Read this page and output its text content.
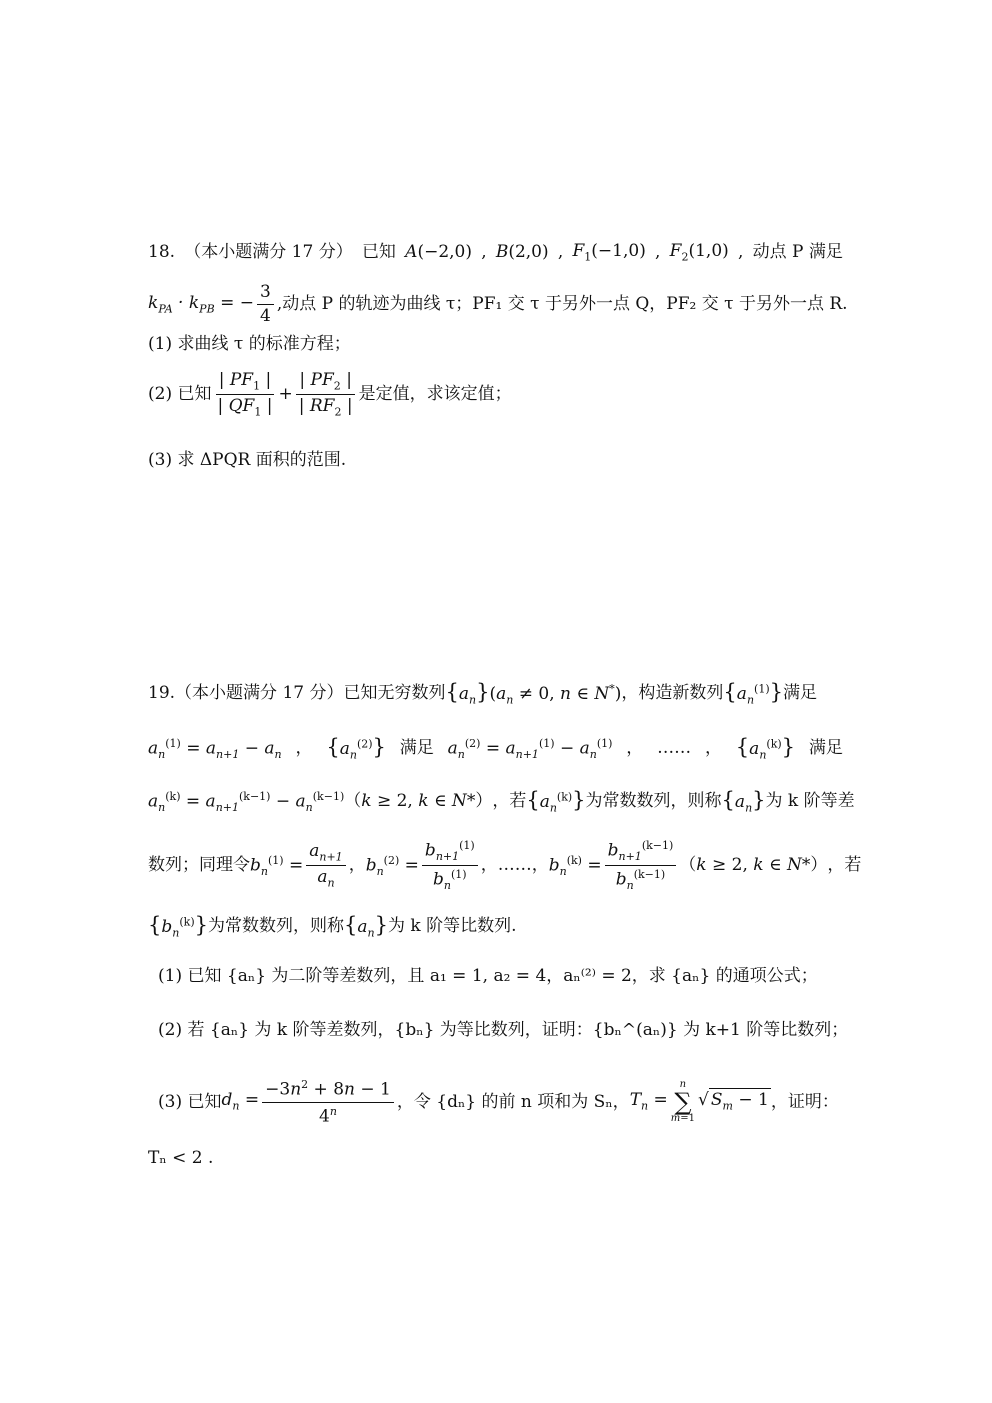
18. （本小题满分 17 分） 已知 A(−2,0) , B(2,0) , $F_1(-1,0)$ , $F_2(1,0)$ , 动点 P 满足
$k_{PA} \cdot k_{PB}$ = − $\frac{3}{4}$ , 动点 P 的轨迹为曲线 τ； PF₁ 交 τ 于另外一点 Q ， PF₂ 交 τ 于另外一点 R.
(1) 求曲线 τ 的标准方程；
(2) 已知 $\frac{| PF_1 |}{| QF_1 |} + \frac{| PF_2 |}{| RF_2 |}$ 是定值，求该定值；
(3) 求 ΔPQR 面积的范围.
19. （本小题满分 17 分） 已知无穷数列 $\{a_n\}(a_n \ne 0$, n ∈ N*) ， 构造新数列 $\{a_n^{(1)}\}$ 满足
$a_n^{(1)} = a_{n+1} - a_n$ ， $\{a_n^{(2)}\}$ 满足 $a_n^{(2)} = a_{n+1}^{(1)} - a_n^{(1)}$ ， …… ， $\{a_n^{(k)}\}$ 满足
$a_n^{(k)} = a_{n+1}^{(k-1)} - a_n^{(k-1)}$ （k ≥ 2, k ∈ N*） ， 若 $\{a_n^{(k)}\}$ 为常数数列，则称 $\{a_n\}$ 为 k 阶等差
数列；同理令 $b_n^{(1)} = \frac{a_{n+1}}{a_n}$ ， $b_n^{(2)} = \frac{b_{n+1}^{(1)}}{b_n^{(1)}}$ ， …… ， $b_n^{(k)} = \frac{b_{n+1}^{(k-1)}}{b_n^{(k-1)}} (k \ge 2$, k ∈ N*） ， 若
$\{b_n^{(k)}\}$ 为常数数列，则称 $\{a_n\}$ 为 k 阶等比数列.
(1) 已知 {aₙ} 为二阶等差数列，且 a₁ = 1, a₂ = 4，aₙ⁽²⁾ = 2，求 {aₙ} 的通项公式；
(2) 若 {aₙ} 为 k 阶等差数列，{bₙ} 为等比数列，证明：{bₙ^(aₙ)} 为 k+1 阶等比数列；
(3) 已知 $d_n = \frac{-3n^2 + 8n - 1}{4^n}$ ，令 {dₙ} 的前 n 项和为 Sₙ， $T_n$ =
n
∑
m=1
√ $S_m - 1$ ，证明：
Tₙ < 2 .
